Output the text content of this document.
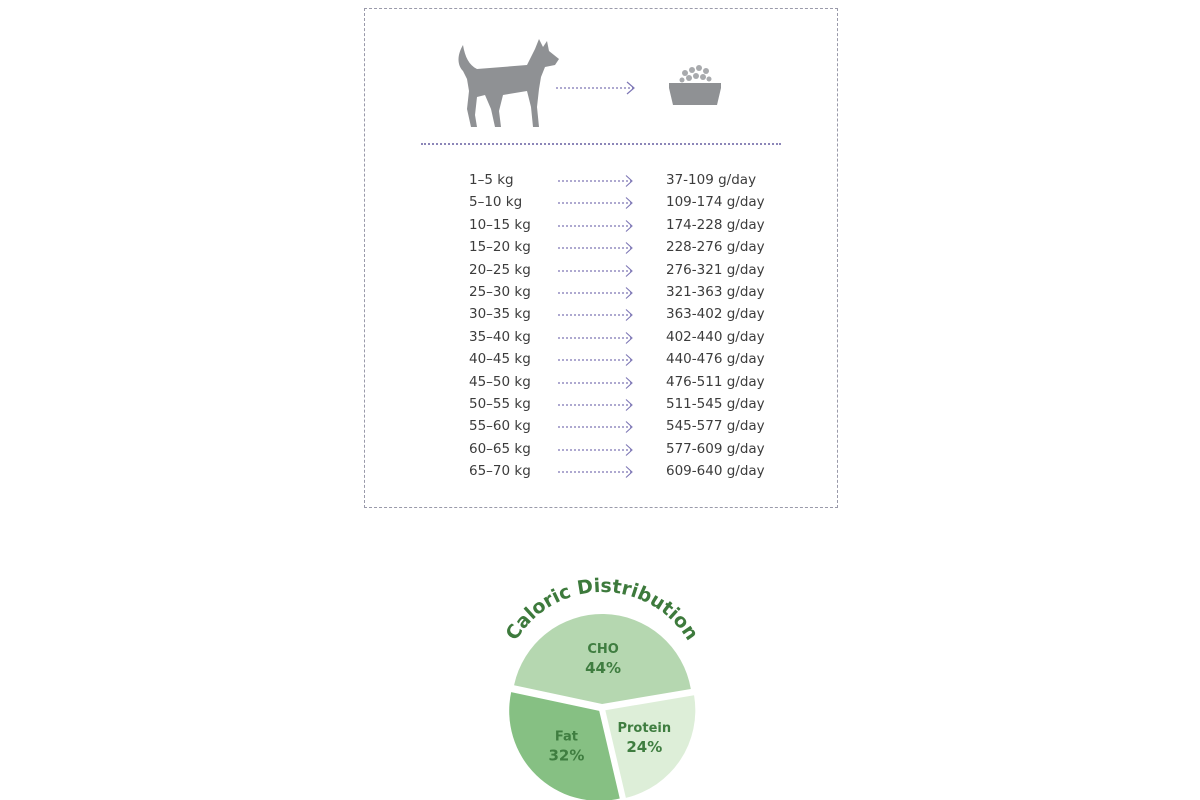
1–5 kg	37-109 g/day
5–10 kg	109-174 g/day
10–15 kg	174-228 g/day
15–20 kg	228-276 g/day
20–25 kg	276-321 g/day
25–30 kg	321-363 g/day
30–35 kg	363-402 g/day
35–40 kg	402-440 g/day
40–45 kg	440-476 g/day
45–50 kg	476-511 g/day
50–55 kg	511-545 g/day
55–60 kg	545-577 g/day
60–65 kg	577-609 g/day
65–70 kg	609-640 g/day
Caloric Distribution
CHO
44%
Protein
24%
Fat
32%
